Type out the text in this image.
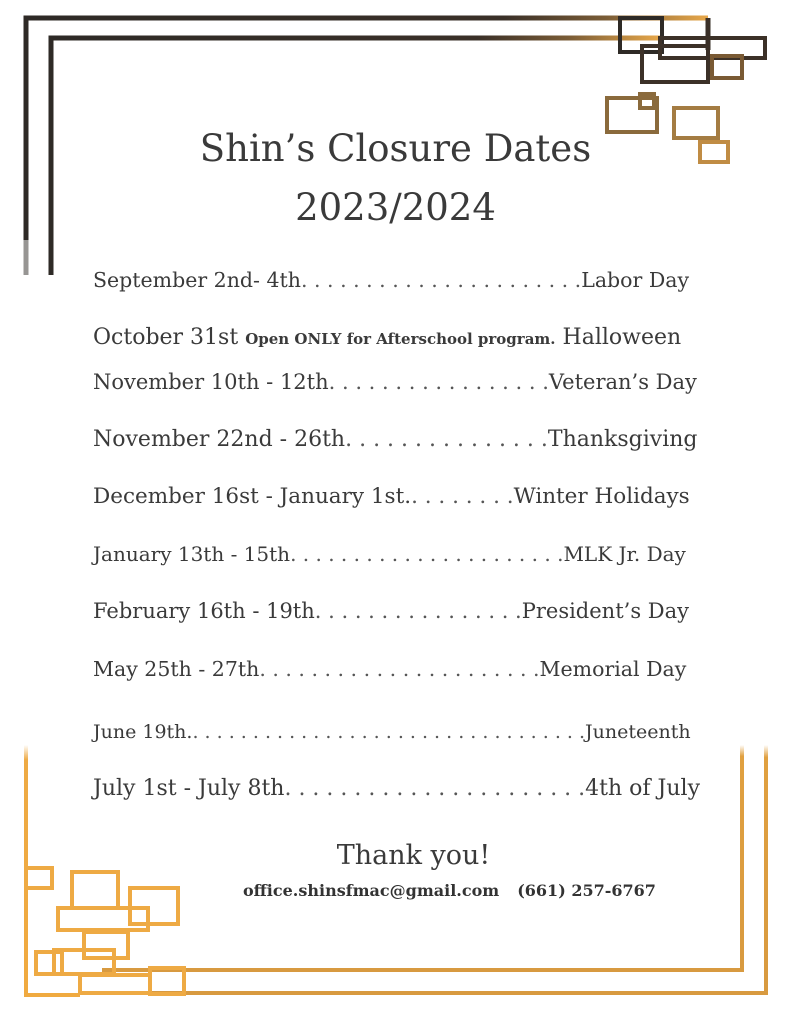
Shin’s Closure Dates
2023/2024
September 2nd- 4th. . . . . . . . . . . . . . . . . . . . . .Labor Day
October 31st Open ONLY for Afterschool program. Halloween
November 10th - 12th. . . . . . . . . . . . . . . . .Veteran’s Day
November 22nd - 26th. . . . . . . . . . . . . . .Thanksgiving
December 16st - January 1st.. . . . . . . .Winter Holidays
January 13th - 15th. . . . . . . . . . . . . . . . . . . . . .MLK Jr. Day
February 16th - 19th. . . . . . . . . . . . . . . .President’s Day
May 25th - 27th. . . . . . . . . . . . . . . . . . . . . .Memorial Day
June 19th.. . . . . . . . . . . . . . . . . . . . . . . . . . . . . . . . .Juneteenth
July 1st - July 8th. . . . . . . . . . . . . . . . . . . . . .4th of July
Thank you!
office.shinsfmac@gmail.com (661) 257-6767
